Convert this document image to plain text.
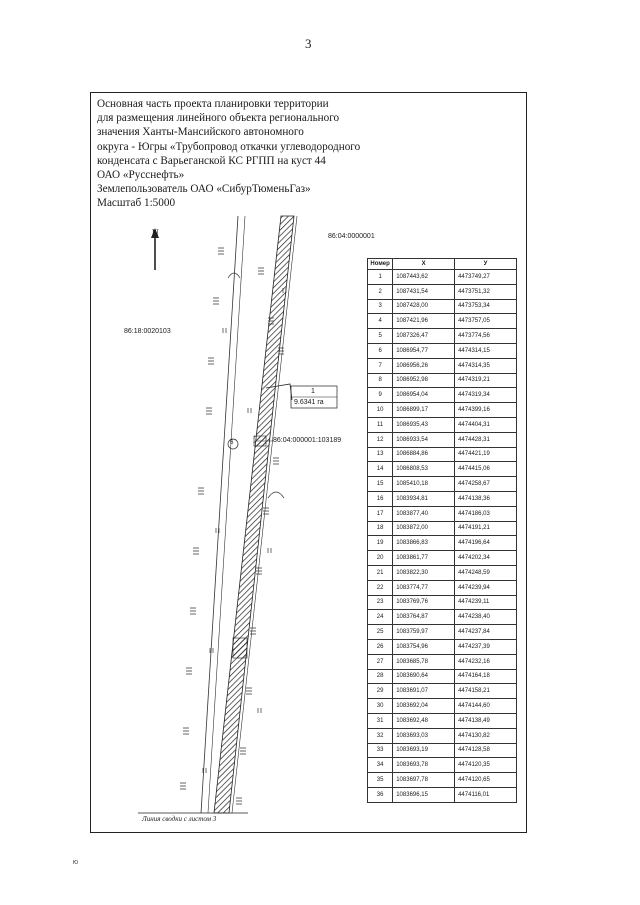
3
Основная часть проекта планировки территории
для размещения линейного объекта регионального
значения Ханты-Мансийского автономного
округа - Югры «Трубопровод откачки углеводородного
конденсата с Варьеганской КС РГПП на куст 44
ОАО «Русснефть»
Землепользователь ОАО «СибурТюменьГаз»
Масштаб 1:5000
N	86:04:0000001
86:18:0020103
1
9.6341 га
86:04:000001:103189
6
Линия сводки с листом 3
Номер	X	У
1	1087443,62	4473749,27
2	1087431,54	4473751,32
3	1087428,00	4473753,34
4	1087421,96	4473757,05
5	1087326,47	4473774,56
6	1086954,77	4474314,15
7	1086956,26	4474314,35
8	1086952,98	4474319,21
9	1086954,04	4474319,34
10	1086899,17	4474399,16
11	1086935,43	4474404,31
12	1086933,54	4474428,31
13	1086884,86	4474421,19
14	1086808,53	4474415,06
15	1085410,18	4474258,67
16	1083934,81	4474138,36
17	1083877,40	4474186,03
18	1083872,00	4474191,21
19	1083866,83	4474196,64
20	1083861,77	4474202,34
21	1083822,30	4474248,59
22	1083774,77	4474239,94
23	1083769,76	4474239,11
24	1083764,87	4474238,40
25	1083759,97	4474237,84
26	1083754,96	4474237,39
27	1083685,78	4474232,16
28	1083690,64	4474164,18
29	1083691,07	4474158,21
30	1083692,04	4474144,60
31	1083692,48	4474138,49
32	1083693,03	4474130,82
33	1083693,19	4474128,58
34	1083693,78	4474120,35
35	1083697,78	4474120,65
36	1083696,15	4474116,01
Ю
